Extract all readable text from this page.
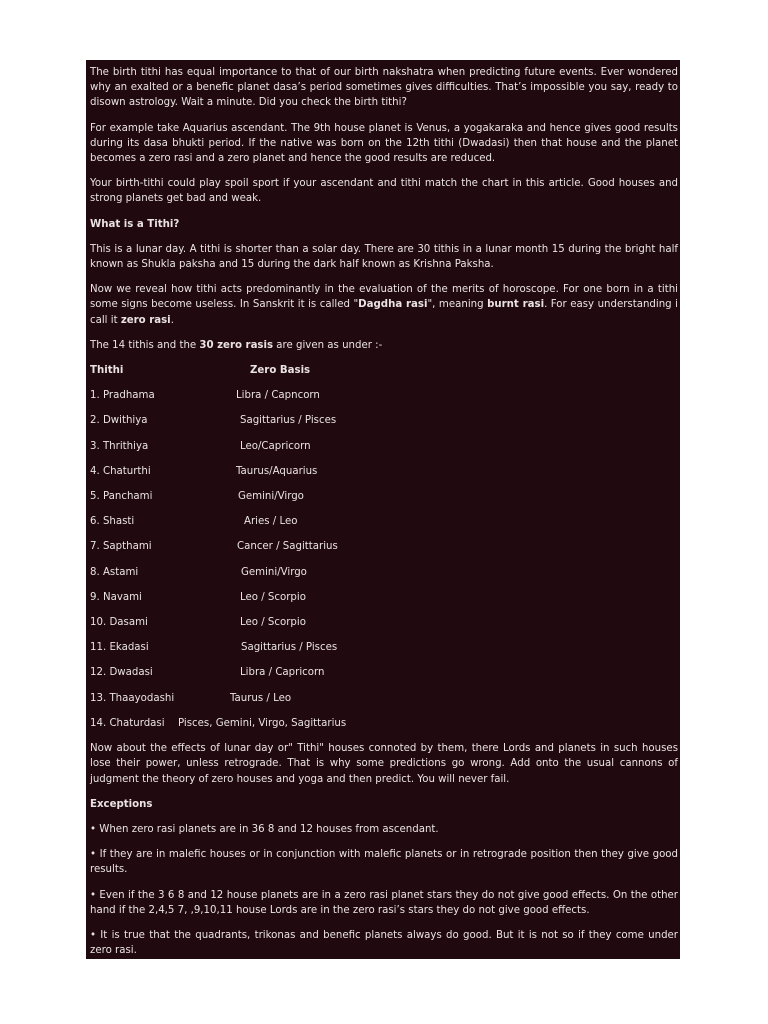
The birth tithi has equal importance to that of our birth nakshatra when predicting future events. Ever wondered why an exalted or a benefic planet dasa’s period sometimes gives difficulties. That’s impossible you say, ready to disown astrology. Wait a minute. Did you check the birth tithi?

For example take Aquarius ascendant. The 9th house planet is Venus, a yogakaraka and hence gives good results during its dasa bhukti period. If the native was born on the 12th tithi (Dwadasi) then that house and the planet becomes a zero rasi and a zero planet and hence the good results are reduced.

Your birth-tithi could play spoil sport if your ascendant and tithi match the chart in this article. Good houses and strong planets get bad and weak.

What is a Tithi?

This is a lunar day. A tithi is shorter than a solar day. There are 30 tithis in a lunar month 15 during the bright half known as Shukla paksha and 15 during the dark half known as Krishna Paksha.

Now we reveal how tithi acts predominantly in the evaluation of the merits of horoscope. For one born in a tithi some signs become useless. In Sanskrit it is called "Dagdha rasi", meaning burnt rasi. For easy understanding i call it zero rasi.

The 14 tithis and the 30 zero rasis are given as under :-

Thithi	Zero Basis
1. Pradhama	Libra / Capncorn
2. Dwithiya	Sagittarius / Pisces
3. Thrithiya	Leo/Capricorn
4. Chaturthi	Taurus/Aquarius
5. Panchami	Gemini/Virgo
6. Shasti	Aries / Leo
7. Sapthami	Cancer / Sagittarius
8. Astami	Gemini/Virgo
9. Navami	Leo / Scorpio
10. Dasami	Leo / Scorpio
11. Ekadasi	Sagittarius / Pisces
12. Dwadasi	Libra / Capricorn
13. Thaayodashi	Taurus / Leo
14. Chaturdasi	Pisces, Gemini, Virgo, Sagittarius

Now about the effects of lunar day or" Tithi" houses connoted by them, there Lords and planets in such houses lose their power, unless retrograde. That is why some predictions go wrong. Add onto the usual cannons of judgment the theory of zero houses and yoga and then predict. You will never fail.

Exceptions

• When zero rasi planets are in 36 8 and 12 houses from ascendant.

• If they are in malefic houses or in conjunction with malefic planets or in retrograde position then they give good results.

• Even if the 3 6 8 and 12 house planets are in a zero rasi planet stars they do not give good effects. On the other hand if the 2,4,5 7, ,9,10,11 house Lords are in the zero rasi’s stars they do not give good effects.

• It is true that the quadrants, trikonas and benefic planets always do good. But it is not so if they come under zero rasi.
